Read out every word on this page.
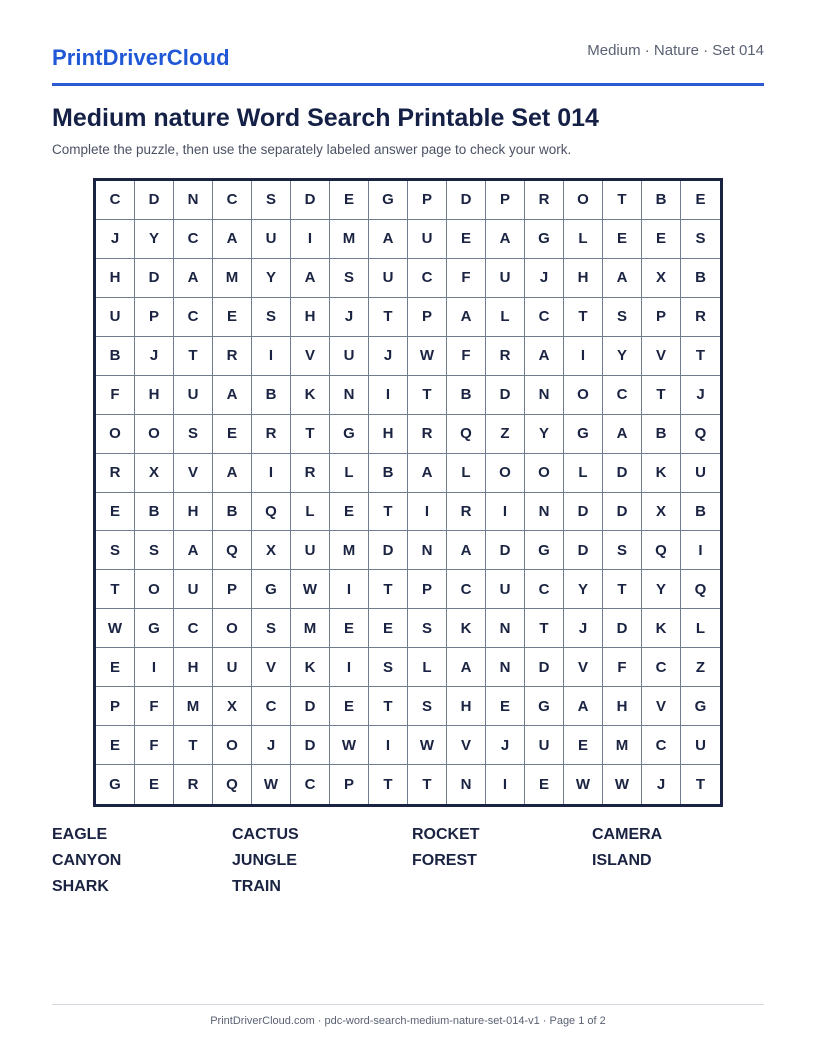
PrintDriverCloud	Medium · Nature · Set 014
Medium nature Word Search Printable Set 014

Complete the puzzle, then use the separately labeled answer page to check your work.

C	D	N	C	S	D	E	G	P	D	P	R	O	T	B	E
J	Y	C	A	U	I	M	A	U	E	A	G	L	E	E	S
H	D	A	M	Y	A	S	U	C	F	U	J	H	A	X	B
U	P	C	E	S	H	J	T	P	A	L	C	T	S	P	R
B	J	T	R	I	V	U	J	W	F	R	A	I	Y	V	T
F	H	U	A	B	K	N	I	T	B	D	N	O	C	T	J
O	O	S	E	R	T	G	H	R	Q	Z	Y	G	A	B	Q
R	X	V	A	I	R	L	B	A	L	O	O	L	D	K	U
E	B	H	B	Q	L	E	T	I	R	I	N	D	D	X	B
S	S	A	Q	X	U	M	D	N	A	D	G	D	S	Q	I
T	O	U	P	G	W	I	T	P	C	U	C	Y	T	Y	Q
W	G	C	O	S	M	E	E	S	K	N	T	J	D	K	L
E	I	H	U	V	K	I	S	L	A	N	D	V	F	C	Z
P	F	M	X	C	D	E	T	S	H	E	G	A	H	V	G
E	F	T	O	J	D	W	I	W	V	J	U	E	M	C	U
G	E	R	Q	W	C	P	T	T	N	I	E	W	W	J	T
EAGLE	CACTUS	ROCKET	CAMERA
CANYON	JUNGLE	FOREST	ISLAND
SHARK	TRAIN
PrintDriverCloud.com · pdc-word-search-medium-nature-set-014-v1 · Page 1 of 2
